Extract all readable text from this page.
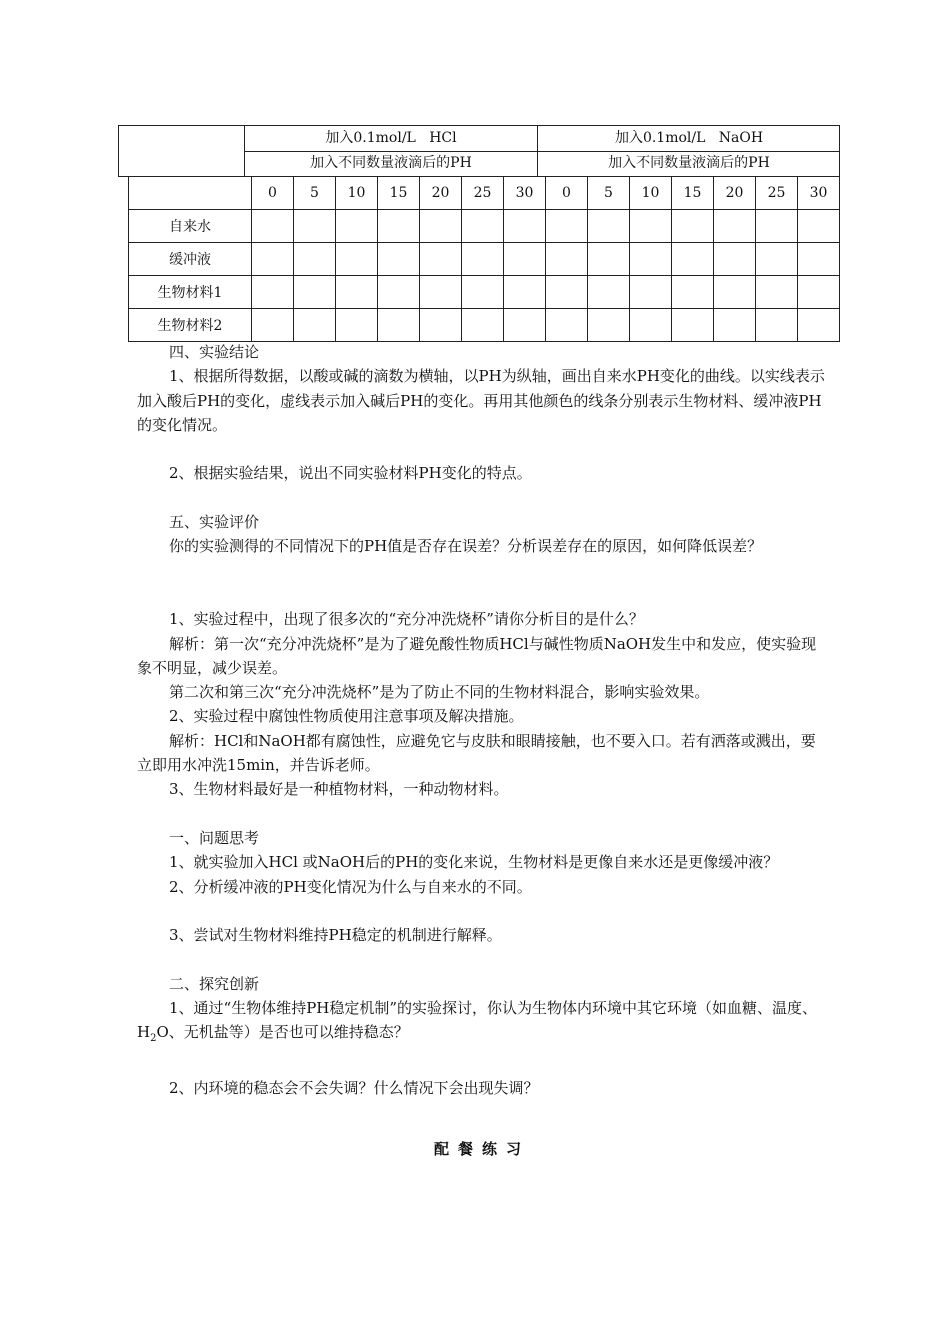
加入0.1mol/L   HCl	加入0.1mol/L   NaOH
加入不同数量液滴后的PH	加入不同数量液滴后的PH
	0	5	10	15	20	25	30	0	5	10	15	20	25	30
自来水														
缓冲液														
生物材料1														
生物材料2														

四、实验结论

1、根据所得数据，以酸或碱的滴数为横轴，以PH为纵轴，画出自来水PH变化的曲线。以实线表示加入酸后PH的变化，虚线表示加入碱后PH的变化。再用其他颜色的线条分别表示生物材料、缓冲液PH的变化情况。

2、根据实验结果，说出不同实验材料PH变化的特点。

五、实验评价

你的实验测得的不同情况下的PH值是否存在误差？分析误差存在的原因，如何降低误差？

1、实验过程中，出现了很多次的“充分冲洗烧杯”请你分析目的是什么？

解析：第一次“充分冲洗烧杯”是为了避免酸性物质HCl与碱性物质NaOH发生中和发应，使实验现象不明显，减少误差。

第二次和第三次“充分冲洗烧杯”是为了防止不同的生物材料混合，影响实验效果。

2、实验过程中腐蚀性物质使用注意事项及解决措施。

解析：HCl和NaOH都有腐蚀性，应避免它与皮肤和眼睛接触，也不要入口。若有洒落或溅出，要立即用水冲洗15min，并告诉老师。

3、生物材料最好是一种植物材料，一种动物材料。

一、问题思考

1、就实验加入HCl 或NaOH后的PH的变化来说，生物材料是更像自来水还是更像缓冲液？

2、分析缓冲液的PH变化情况为什么与自来水的不同。

3、尝试对生物材料维持PH稳定的机制进行解释。

二、探究创新

1、通过“生物体维持PH稳定机制”的实验探讨，你认为生物体内环境中其它环境（如血糖、温度、$H_2O$、无机盐等）是否也可以维持稳态？

2、内环境的稳态会不会失调？什么情况下会出现失调？

配餐练习
